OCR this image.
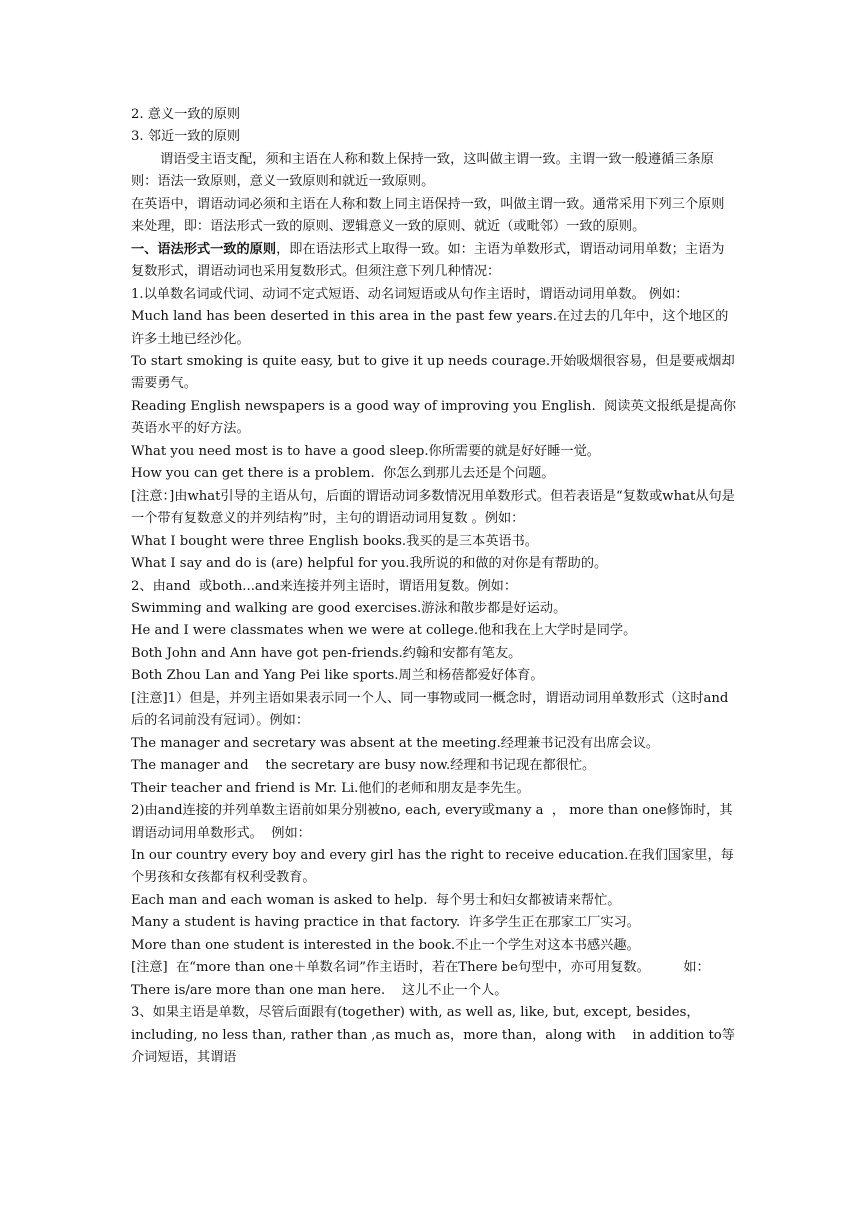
2. 意义一致的原则

3. 邻近一致的原则

谓语受主语支配，须和主语在人称和数上保持一致，这叫做主谓一致。主谓一致一般遵循三条原则：语法一致原则，意义一致原则和就近一致原则。

在英语中，谓语动词必须和主语在人称和数上同主语保持一致，叫做主谓一致。通常采用下列三个原则来处理，即：语法形式一致的原则、逻辑意义一致的原则、就近（或毗邻）一致的原则。

一、语法形式一致的原则，即在语法形式上取得一致。如：主语为单数形式，谓语动词用单数；主语为复数形式，谓语动词也采用复数形式。但须注意下列几种情况：

1.以单数名词或代词、动词不定式短语、动名词短语或从句作主语时，谓语动词用单数。 例如：

Much land has been deserted in this area in the past few years.在过去的几年中，这个地区的许多土地已经沙化。

To start smoking is quite easy, but to give it up needs courage.开始吸烟很容易，但是要戒烟却需要勇气。

Reading English newspapers is a good way of improving you English.  阅读英文报纸是提高你

英语水平的好方法。

What you need most is to have a good sleep.你所需要的就是好好睡一觉。

How you can get there is a problem.  你怎么到那儿去还是个问题。

[注意：]由what引导的主语从句，后面的谓语动词多数情况用单数形式。但若表语是“复数或what从句是一个带有复数意义的并列结构”时，主句的谓语动词用复数 。例如：

What I bought were three English books.我买的是三本英语书。

What I say and do is (are) helpful for you.我所说的和做的对你是有帮助的。

2、由and  或both...and来连接并列主语时，谓语用复数。例如：

Swimming and walking are good exercises.游泳和散步都是好运动。

He and I were classmates when we were at college.他和我在上大学时是同学。

Both John and Ann have got pen-friends.约翰和安都有笔友。

Both Zhou Lan and Yang Pei like sports.周兰和杨蓓都爱好体育。

[注意]1）但是，并列主语如果表示同一个人、同一事物或同一概念时，谓语动词用单数形式（这时and后的名词前没有冠词）。例如：

The manager and secretary was absent at the meeting.经理兼书记没有出席会议。

The manager and    the secretary are busy now.经理和书记现在都很忙。

Their teacher and friend is Mr. Li.他们的老师和朋友是李先生。

2)由and连接的并列单数主语前如果分别被no, each, every或many a  ， more than one修饰时，其谓语动词用单数形式。  例如：

In our country every boy and every girl has the right to receive education.在我们国家里，每个男孩和女孩都有权利受教育。

Each man and each woman is asked to help.  每个男士和妇女都被请来帮忙。

Many a student is having practice in that factory.  许多学生正在那家工厂实习。

More than one student is interested in the book.不止一个学生对这本书感兴趣。

[注意]  在“more than one＋单数名词”作主语时，若在There be句型中，亦可用复数。        如：There is/are more than one man here.    这儿不止一个人。

3、如果主语是单数，尽管后面跟有(together) with, as well as, like, but, except, besides，including, no less than, rather than ,as much as，more than，along with    in addition to等介词短语，其谓语
